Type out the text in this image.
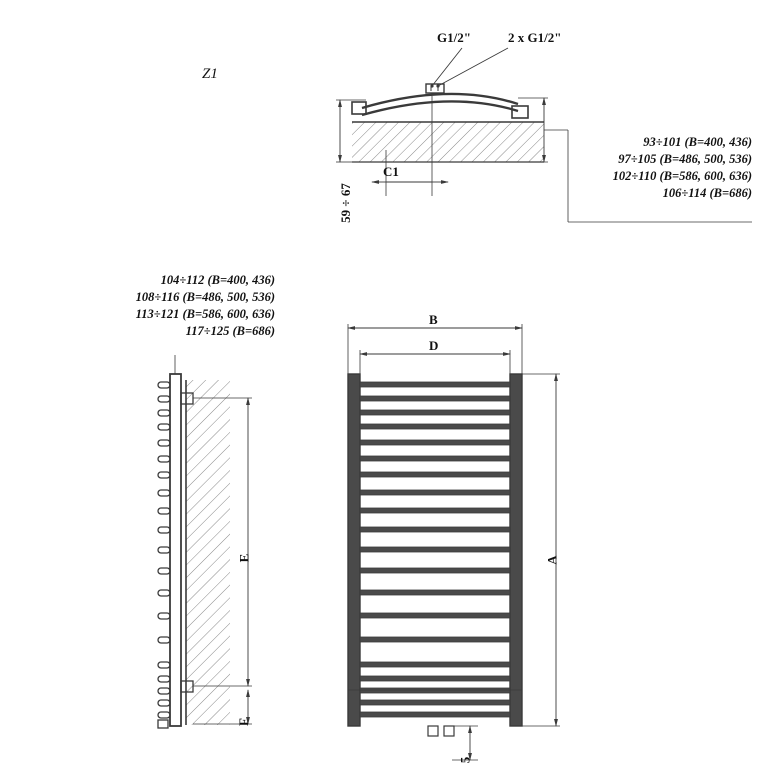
Z1
G1/2"	2 x G1/2"
59 ÷ 67
C1
93÷101 (B=400, 436)
97÷105 (B=486, 500, 536)
102÷110 (B=586, 600, 636)
106÷114 (B=686)
104÷112 (B=400, 436)
108÷116 (B=486, 500, 536)
113÷121 (B=586, 600, 636)
117÷125 (B=686)
E
F
B
D
A
5
